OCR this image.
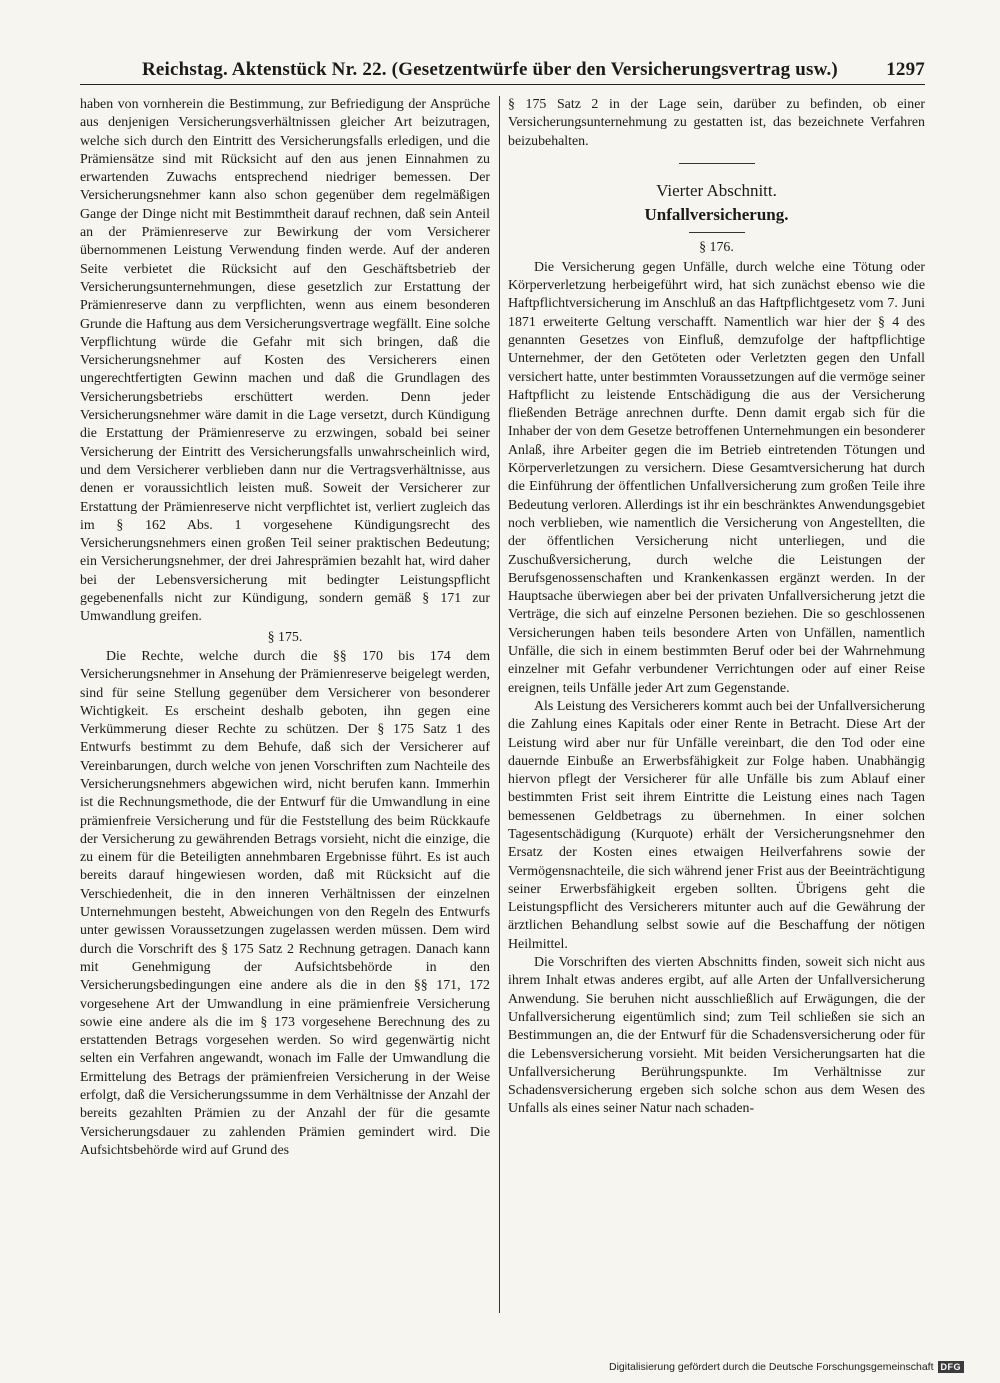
Reichstag. Aktenstück Nr. 22. (Gesetzentwürfe über den Versicherungsvertrag usw.)	1297

haben von vornherein die Bestimmung, zur Befriedigung der Ansprüche aus denjenigen Versicherungsverhältnissen gleicher Art beizutragen, welche sich durch den Eintritt des Versicherungsfalls erledigen, und die Prämiensätze sind mit Rücksicht auf den aus jenen Einnahmen zu erwartenden Zuwachs entsprechend niedriger bemessen. Der Versicherungsnehmer kann also schon gegenüber dem regelmäßigen Gange der Dinge nicht mit Bestimmtheit darauf rechnen, daß sein Anteil an der Prämienreserve zur Bewirkung der vom Versicherer übernommenen Leistung Verwendung finden werde. Auf der anderen Seite verbietet die Rücksicht auf den Geschäftsbetrieb der Versicherungsunternehmungen, diese gesetzlich zur Erstattung der Prämienreserve dann zu verpflichten, wenn aus einem besonderen Grunde die Haftung aus dem Versicherungsvertrage wegfällt. Eine solche Verpflichtung würde die Gefahr mit sich bringen, daß die Versicherungsnehmer auf Kosten des Versicherers einen ungerechtfertigten Gewinn machen und daß die Grundlagen des Versicherungsbetriebs erschüttert werden. Denn jeder Versicherungsnehmer wäre damit in die Lage versetzt, durch Kündigung die Erstattung der Prämienreserve zu erzwingen, sobald bei seiner Versicherung der Eintritt des Versicherungsfalls unwahrscheinlich wird, und dem Versicherer verblieben dann nur die Vertragsverhältnisse, aus denen er voraussichtlich leisten muß. Soweit der Versicherer zur Erstattung der Prämienreserve nicht verpflichtet ist, verliert zugleich das im § 162 Abs. 1 vorgesehene Kündigungsrecht des Versicherungsnehmers einen großen Teil seiner praktischen Bedeutung; ein Versicherungsnehmer, der drei Jahresprämien bezahlt hat, wird daher bei der Lebensversicherung mit bedingter Leistungspflicht gegebenenfalls nicht zur Kündigung, sondern gemäß § 171 zur Umwandlung greifen.

§ 175.

Die Rechte, welche durch die §§ 170 bis 174 dem Versicherungsnehmer in Ansehung der Prämienreserve beigelegt werden, sind für seine Stellung gegenüber dem Versicherer von besonderer Wichtigkeit. Es erscheint deshalb geboten, ihn gegen eine Verkümmerung dieser Rechte zu schützen. Der § 175 Satz 1 des Entwurfs bestimmt zu dem Behufe, daß sich der Versicherer auf Vereinbarungen, durch welche von jenen Vorschriften zum Nachteile des Versicherungsnehmers abgewichen wird, nicht berufen kann. Immerhin ist die Rechnungsmethode, die der Entwurf für die Umwandlung in eine prämienfreie Versicherung und für die Feststellung des beim Rückkaufe der Versicherung zu gewährenden Betrags vorsieht, nicht die einzige, die zu einem für die Beteiligten annehmbaren Ergebnisse führt. Es ist auch bereits darauf hingewiesen worden, daß mit Rücksicht auf die Verschiedenheit, die in den inneren Verhältnissen der einzelnen Unternehmungen besteht, Abweichungen von den Regeln des Entwurfs unter gewissen Voraussetzungen zugelassen werden müssen. Dem wird durch die Vorschrift des § 175 Satz 2 Rechnung getragen. Danach kann mit Genehmigung der Aufsichtsbehörde in den Versicherungsbedingungen eine andere als die in den §§ 171, 172 vorgesehene Art der Umwandlung in eine prämienfreie Versicherung sowie eine andere als die im § 173 vorgesehene Berechnung des zu erstattenden Betrags vorgesehen werden. So wird gegenwärtig nicht selten ein Verfahren angewandt, wonach im Falle der Umwandlung die Ermittelung des Betrags der prämienfreien Versicherung in der Weise erfolgt, daß die Versicherungssumme in dem Verhältnisse der Anzahl der bereits gezahlten Prämien zu der Anzahl der für die gesamte Versicherungsdauer zu zahlenden Prämien gemindert wird. Die Aufsichtsbehörde wird auf Grund des

§ 175 Satz 2 in der Lage sein, darüber zu befinden, ob einer Versicherungsunternehmung zu gestatten ist, das bezeichnete Verfahren beizubehalten.

Vierter Abschnitt.
Unfallversicherung.
§ 176.

Die Versicherung gegen Unfälle, durch welche eine Tötung oder Körperverletzung herbeigeführt wird, hat sich zunächst ebenso wie die Haftpflichtversicherung im Anschluß an das Haftpflichtgesetz vom 7. Juni 1871 erweiterte Geltung verschafft. Namentlich war hier der § 4 des genannten Gesetzes von Einfluß, demzufolge der haftpflichtige Unternehmer, der den Getöteten oder Verletzten gegen den Unfall versichert hatte, unter bestimmten Voraussetzungen auf die vermöge seiner Haftpflicht zu leistende Entschädigung die aus der Versicherung fließenden Beträge anrechnen durfte. Denn damit ergab sich für die Inhaber der von dem Gesetze betroffenen Unternehmungen ein besonderer Anlaß, ihre Arbeiter gegen die im Betrieb eintretenden Tötungen und Körperverletzungen zu versichern. Diese Gesamtversicherung hat durch die Einführung der öffentlichen Unfallversicherung zum großen Teile ihre Bedeutung verloren. Allerdings ist ihr ein beschränktes Anwendungsgebiet noch verblieben, wie namentlich die Versicherung von Angestellten, die der öffentlichen Versicherung nicht unterliegen, und die Zuschußversicherung, durch welche die Leistungen der Berufsgenossenschaften und Krankenkassen ergänzt werden. In der Hauptsache überwiegen aber bei der privaten Unfallversicherung jetzt die Verträge, die sich auf einzelne Personen beziehen. Die so geschlossenen Versicherungen haben teils besondere Arten von Unfällen, namentlich Unfälle, die sich in einem bestimmten Beruf oder bei der Wahrnehmung einzelner mit Gefahr verbundener Verrichtungen oder auf einer Reise ereignen, teils Unfälle jeder Art zum Gegenstande.

Als Leistung des Versicherers kommt auch bei der Unfallversicherung die Zahlung eines Kapitals oder einer Rente in Betracht. Diese Art der Leistung wird aber nur für Unfälle vereinbart, die den Tod oder eine dauernde Einbuße an Erwerbsfähigkeit zur Folge haben. Unabhängig hiervon pflegt der Versicherer für alle Unfälle bis zum Ablauf einer bestimmten Frist seit ihrem Eintritte die Leistung eines nach Tagen bemessenen Geldbetrags zu übernehmen. In einer solchen Tagesentschädigung (Kurquote) erhält der Versicherungsnehmer den Ersatz der Kosten eines etwaigen Heilverfahrens sowie der Vermögensnachteile, die sich während jener Frist aus der Beeinträchtigung seiner Erwerbsfähigkeit ergeben sollten. Übrigens geht die Leistungspflicht des Versicherers mitunter auch auf die Gewährung der ärztlichen Behandlung selbst sowie auf die Beschaffung der nötigen Heilmittel.

Die Vorschriften des vierten Abschnitts finden, soweit sich nicht aus ihrem Inhalt etwas anderes ergibt, auf alle Arten der Unfallversicherung Anwendung. Sie beruhen nicht ausschließlich auf Erwägungen, die der Unfallversicherung eigentümlich sind; zum Teil schließen sie sich an Bestimmungen an, die der Entwurf für die Schadensversicherung oder für die Lebensversicherung vorsieht. Mit beiden Versicherungsarten hat die Unfallversicherung Berührungspunkte. Im Verhältnisse zur Schadensversicherung ergeben sich solche schon aus dem Wesen des Unfalls als eines seiner Natur nach schaden-

Digitalisierung gefördert durch die Deutsche Forschungsgemeinschaft DFG
